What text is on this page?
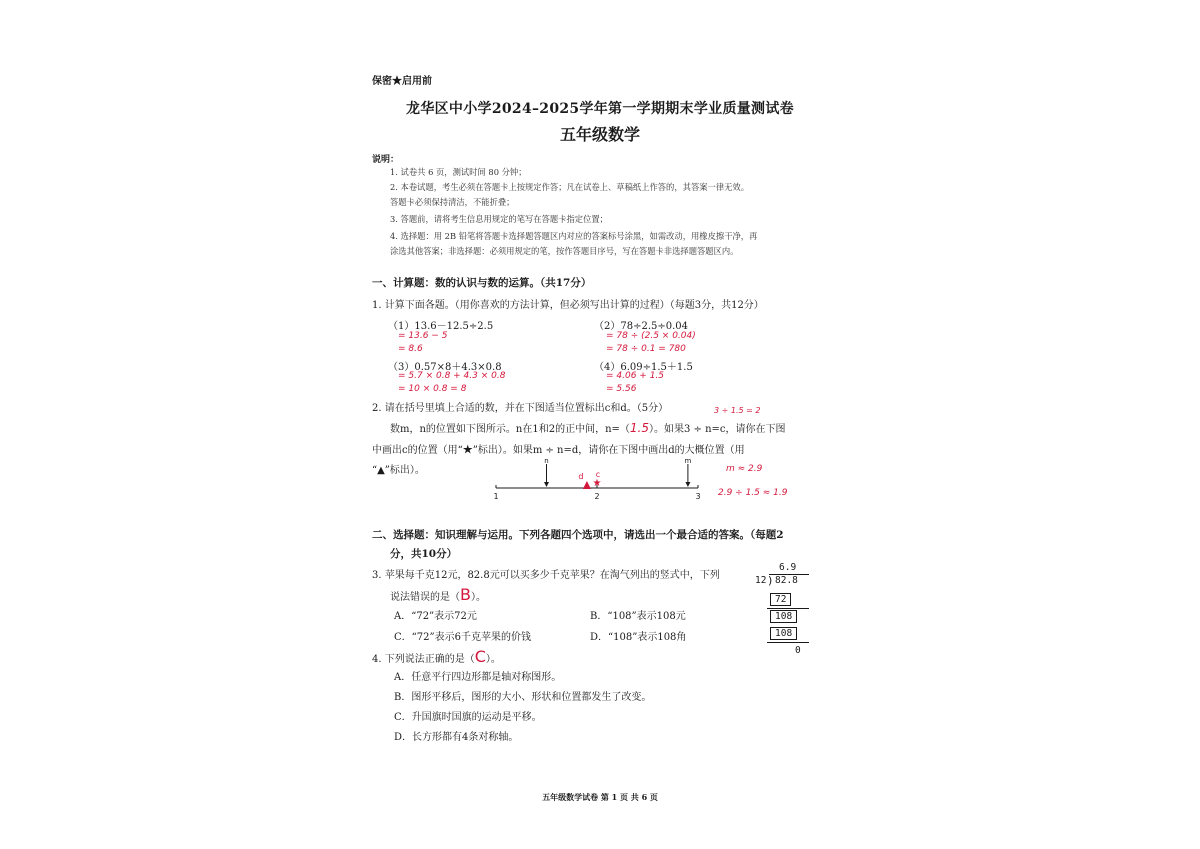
保密★启用前
龙华区中小学2024–2025学年第一学期期末学业质量测试卷
五年级数学
说明：
1. 试卷共 6 页，测试时间 80 分钟；
2. 本卷试题，考生必须在答题卡上按规定作答；凡在试卷上、草稿纸上作答的，其答案一律无效。
答题卡必须保持清洁，不能折叠；
3. 答题前，请将考生信息用规定的笔写在答题卡指定位置；
4. 选择题：用 2B 铅笔将答题卡选择题答题区内对应的答案标号涂黑，如需改动，用橡皮擦干净，再
涂选其他答案；非选择题：必须用规定的笔，按作答题目序号，写在答题卡非选择题答题区内。
一、计算题：数的认识与数的运算。（共17分）
1. 计算下面各题。（用你喜欢的方法计算，但必须写出计算的过程）（每题3分，共12分）
（1）13.6－12.5÷2.5
= 13.6 − 5
= 8.6
（2）78÷2.5÷0.04
= 78 ÷ (2.5 × 0.04)
= 78 ÷ 0.1 = 780
（3）0.57×8＋4.3×0.8
= 5.7 × 0.8 + 4.3 × 0.8
= 10 × 0.8 = 8
（4）6.09÷1.5＋1.5
= 4.06 + 1.5
= 5.56
2. 请在括号里填上合适的数，并在下图适当位置标出c和d。（5分）	3 ÷ 1.5 = 2
数m，n的位置如下图所示。n在1和2的正中间，n=（1.5）。如果3 ÷ n=c，请你在下图
中画出c的位置（用“★”标出）。如果m ÷ n=d，请你在下图中画出d的大概位置（用
“▲”标出）。
1	2	3
n	m
★
c
d
m ≈ 2.9
2.9 ÷ 1.5 ≈ 1.9
二、选择题：知识理解与运用。下列各题四个选项中，请选出一个最合适的答案。（每题2
分，共10分）
3. 苹果每千克12元，82.8元可以买多少千克苹果？在淘气列出的竖式中，下列
说法错误的是（B）。
A．“72”表示72元	B．“108”表示108元
C．“72”表示6千克苹果的价钱	D．“108”表示108角
6.9
12 ) 82.8
72
108
108
0
4. 下列说法正确的是（C）。
A．任意平行四边形都是轴对称图形。
B．图形平移后，图形的大小、形状和位置都发生了改变。
C．升国旗时国旗的运动是平移。
D．长方形都有4条对称轴。
五年级数学试卷 第 1 页 共 6 页
